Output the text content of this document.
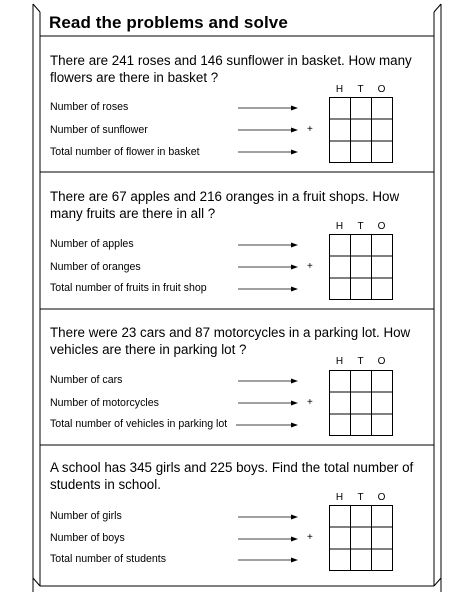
Read the problems and solve
There are 241 roses and 146 sunflower in basket. How many flowers are there in basket ?
H	T	O
Number of roses
Number of sunflower
Total number of flower in basket
+
There are 67 apples and 216 oranges in a fruit shops. How many fruits are there in all ?
H	T	O
Number of apples
Number of oranges
Total number of fruits in fruit shop
+
There were 23 cars and 87 motorcycles in a parking lot. How vehicles are there in parking lot ?
H	T	O
Number of cars
Number of motorcycles
Total number of vehicles in parking lot
+
A school has 345 girls and 225 boys. Find the total number of students in school.
H	T	O
Number of girls
Number of boys
Total number of students
+
